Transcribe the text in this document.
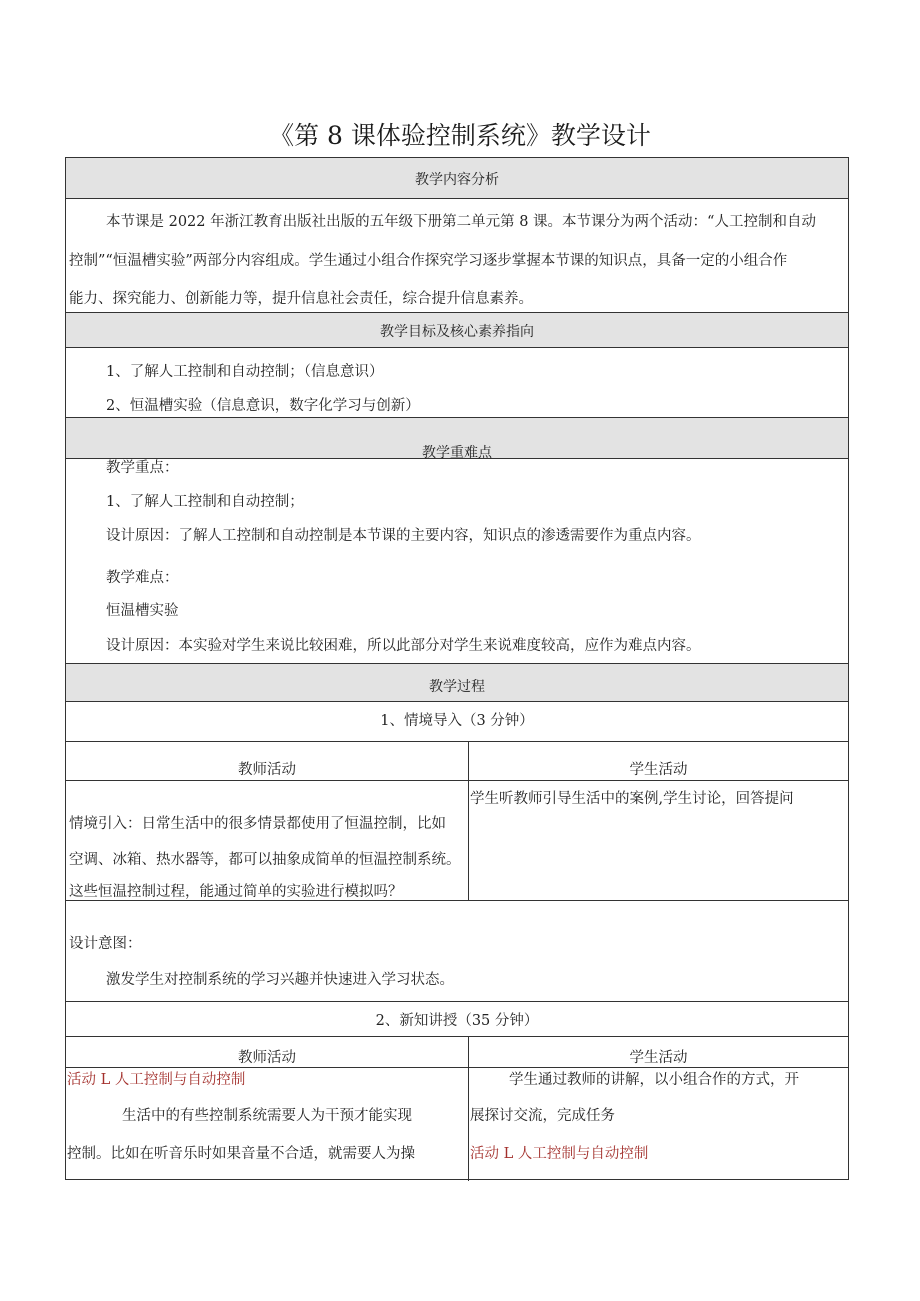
《第 8 课体验控制系统》教学设计
教学内容分析
本节课是 2022 年浙江教育出版社出版的五年级下册第二单元第 8 课。本节课分为两个活动：“人工控制和自动
控制”“恒温槽实验”两部分内容组成。学生通过小组合作探究学习逐步掌握本节课的知识点，具备一定的小组合作
能力、探究能力、创新能力等，提升信息社会责任，综合提升信息素养。
教学目标及核心素养指向
1、了解人工控制和自动控制；（信息意识）
2、恒温槽实验（信息意识，数字化学习与创新）
教学重难点
教学重点：
1、了解人工控制和自动控制；
设计原因：了解人工控制和自动控制是本节课的主要内容，知识点的渗透需要作为重点内容。
教学难点：
恒温槽实验
设计原因：本实验对学生来说比较困难，所以此部分对学生来说难度较高，应作为难点内容。
教学过程
1、情境导入（3 分钟）
教师活动	学生活动
学生听教师引导生活中的案例,学生讨论，回答提问
情境引入：日常生活中的很多情景都使用了恒温控制，比如
空调、冰箱、热水器等，都可以抽象成简单的恒温控制系统。
这些恒温控制过程，能通过简单的实验进行模拟吗？
设计意图：
激发学生对控制系统的学习兴趣并快速进入学习状态。
2、新知讲授（35 分钟）
教师活动	学生活动
活动 L 人工控制与自动控制
生活中的有些控制系统需要人为干预才能实现
控制。比如在听音乐时如果音量不合适，就需要人为操
学生通过教师的讲解，以小组合作的方式，开
展探讨交流，完成任务
活动 L 人工控制与自动控制
